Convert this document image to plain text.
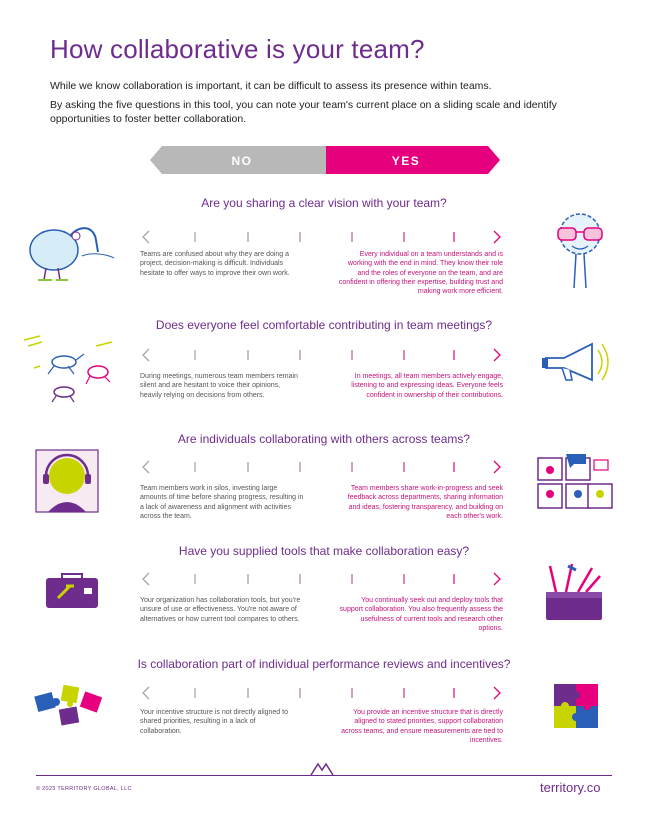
How collaborative is your team?
While we know collaboration is important, it can be difficult to assess its presence within teams.
By asking the five questions in this tool, you can note your team's current place on a sliding scale and identify opportunities to foster better collaboration.
NO	YES
Are you sharing a clear vision with your team?
Teams are confused about why they are doing a project, decision-making is difficult. Individuals hesitate to offer ways to improve their own work.
Every individual on a team understands and is working with the end in mind. They know their role and the roles of everyone on the team, and are confident in offering their expertise, building trust and making work more efficient.
Does everyone feel comfortable contributing in team meetings?
During meetings, numerous team members remain silent and are hesitant to voice their opinions, heavily relying on decisions from others.
In meetings, all team members actively engage, listening to and expressing ideas. Everyone feels confident in ownership of their contributions.
Are individuals collaborating with others across teams?
Team members work in silos, investing large amounts of time before sharing progress, resulting in a lack of awareness and alignment with activities across the team.
Team members share work-in-progress and seek feedback across departments, sharing information and ideas, fostering transparency, and building on each other's work.
Have you supplied tools that make collaboration easy?
Your organization has collaboration tools, but you're unsure of use or effectiveness. You're not aware of alternatives or how current tool compares to others.
You continually seek out and deploy tools that support collaboration. You also frequently assess the usefulness of current tools and research other options.
Is collaboration part of individual performance reviews and incentives?
Your incentive structure is not directly aligned to shared priorities, resulting in a lack of collaboration.
You provide an incentive structure that is directly aligned to stated priorities, support collaboration across teams, and ensure measurements are tied to incentives.
© 2023 TERRITORY GLOBAL, LLC	territory.co
